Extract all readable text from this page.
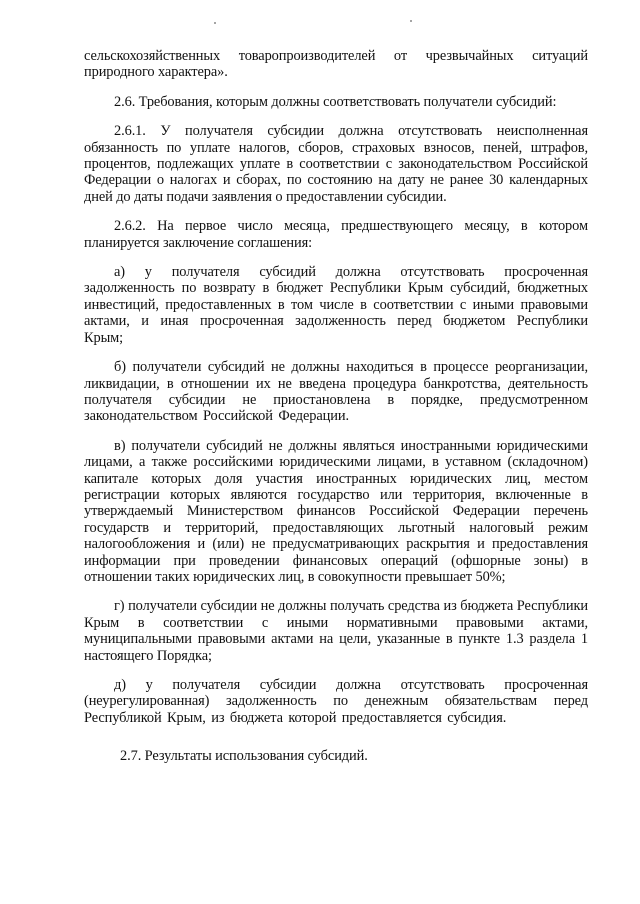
сельскохозяйственных товаропроизводителей от чрезвычайных ситуаций природного характера».

2.6. Требования, которым должны соответствовать получатели субсидий:

2.6.1. У получателя субсидии должна отсутствовать неисполненная обязанность по уплате налогов, сборов, страховых взносов, пеней, штрафов, процентов, подлежащих уплате в соответствии с законодательством Российской Федерации о налогах и сборах, по состоянию на дату не ранее 30 календарных дней до даты подачи заявления о предоставлении субсидии.

2.6.2. На первое число месяца, предшествующего месяцу, в котором планируется заключение соглашения:

а) у получателя субсидий должна отсутствовать просроченная задолженность по возврату в бюджет Республики Крым субсидий, бюджетных инвестиций, предоставленных в том числе в соответствии с иными правовыми актами, и иная просроченная задолженность перед бюджетом Республики Крым;

б) получатели субсидий не должны находиться в процессе реорганизации, ликвидации, в отношении их не введена процедура банкротства, деятельность получателя субсидии не приостановлена в порядке, предусмотренном законодательством Российской Федерации.

в) получатели субсидий не должны являться иностранными юридическими лицами, а также российскими юридическими лицами, в уставном (складочном) капитале которых доля участия иностранных юридических лиц, местом регистрации которых являются государство или территория, включенные в утверждаемый Министерством финансов Российской Федерации перечень государств и территорий, предоставляющих льготный налоговый режим налогообложения и (или) не предусматривающих раскрытия и предоставления информации при проведении финансовых операций (офшорные зоны) в отношении таких юридических лиц, в совокупности превышает 50%;

г) получатели субсидии не должны получать средства из бюджета Республики Крым в соответствии с иными нормативными правовыми актами, муниципальными правовыми актами на цели, указанные в пункте 1.3 раздела 1 настоящего Порядка;

д) у получателя субсидии должна отсутствовать просроченная (неурегулированная) задолженность по денежным обязательствам перед Республикой Крым, из бюджета которой предоставляется субсидия.

2.7. Результаты использования субсидий.
